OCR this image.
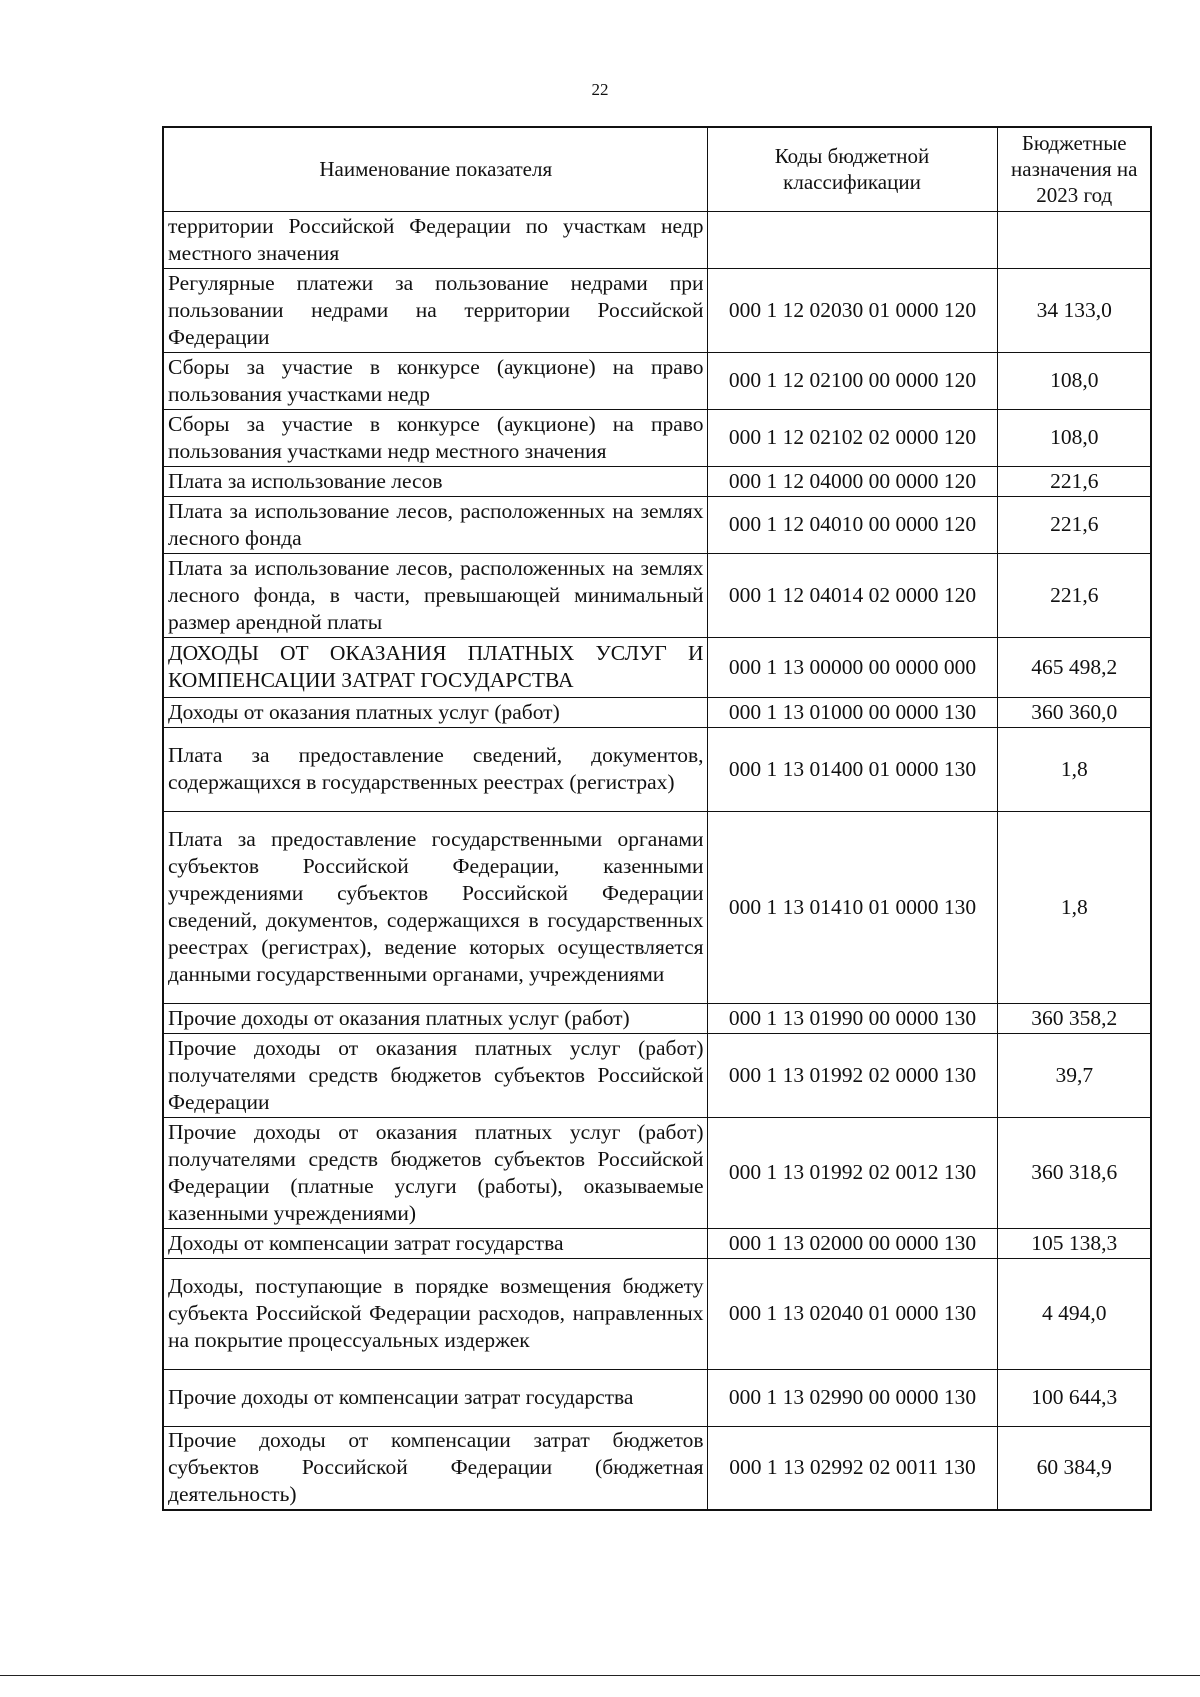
22
Наименование показателя	Коды бюджетной классификации	Бюджетные назначения на 2023 год
территории Российской Федерации по участкам недр местного значения		
Регулярные платежи за пользование недрами при пользовании недрами на территории Российской Федерации	000 1 12 02030 01 0000 120	34 133,0
Сборы за участие в конкурсе (аукционе) на право пользования участками недр	000 1 12 02100 00 0000 120	108,0
Сборы за участие в конкурсе (аукционе) на право пользования участками недр местного значения	000 1 12 02102 02 0000 120	108,0
Плата за использование лесов	000 1 12 04000 00 0000 120	221,6
Плата за использование лесов, расположенных на землях лесного фонда	000 1 12 04010 00 0000 120	221,6
Плата за использование лесов, расположенных на землях лесного фонда, в части, превышающей минимальный размер арендной платы	000 1 12 04014 02 0000 120	221,6
ДОХОДЫ ОТ ОКАЗАНИЯ ПЛАТНЫХ УСЛУГ И КОМПЕНСАЦИИ ЗАТРАТ ГОСУДАРСТВА	000 1 13 00000 00 0000 000	465 498,2
Доходы от оказания платных услуг (работ)	000 1 13 01000 00 0000 130	360 360,0
Плата за предоставление сведений, документов, содержащихся в государственных реестрах (регистрах)	000 1 13 01400 01 0000 130	1,8
Плата за предоставление государственными органами субъектов Российской Федерации, казенными учреждениями субъектов Российской Федерации сведений, документов, содержащихся в государственных реестрах (регистрах), ведение которых осуществляется данными государственными органами, учреждениями	000 1 13 01410 01 0000 130	1,8
Прочие доходы от оказания платных услуг (работ)	000 1 13 01990 00 0000 130	360 358,2
Прочие доходы от оказания платных услуг (работ) получателями средств бюджетов субъектов Российской Федерации	000 1 13 01992 02 0000 130	39,7
Прочие доходы от оказания платных услуг (работ) получателями средств бюджетов субъектов Российской Федерации (платные услуги (работы), оказываемые казенными учреждениями)	000 1 13 01992 02 0012 130	360 318,6
Доходы от компенсации затрат государства	000 1 13 02000 00 0000 130	105 138,3
Доходы, поступающие в порядке возмещения бюджету субъекта Российской Федерации расходов, направленных на покрытие процессуальных издержек	000 1 13 02040 01 0000 130	4 494,0
Прочие доходы от компенсации затрат государства	000 1 13 02990 00 0000 130	100 644,3
Прочие доходы от компенсации затрат бюджетов субъектов Российской Федерации (бюджетная деятельность)	000 1 13 02992 02 0011 130	60 384,9
